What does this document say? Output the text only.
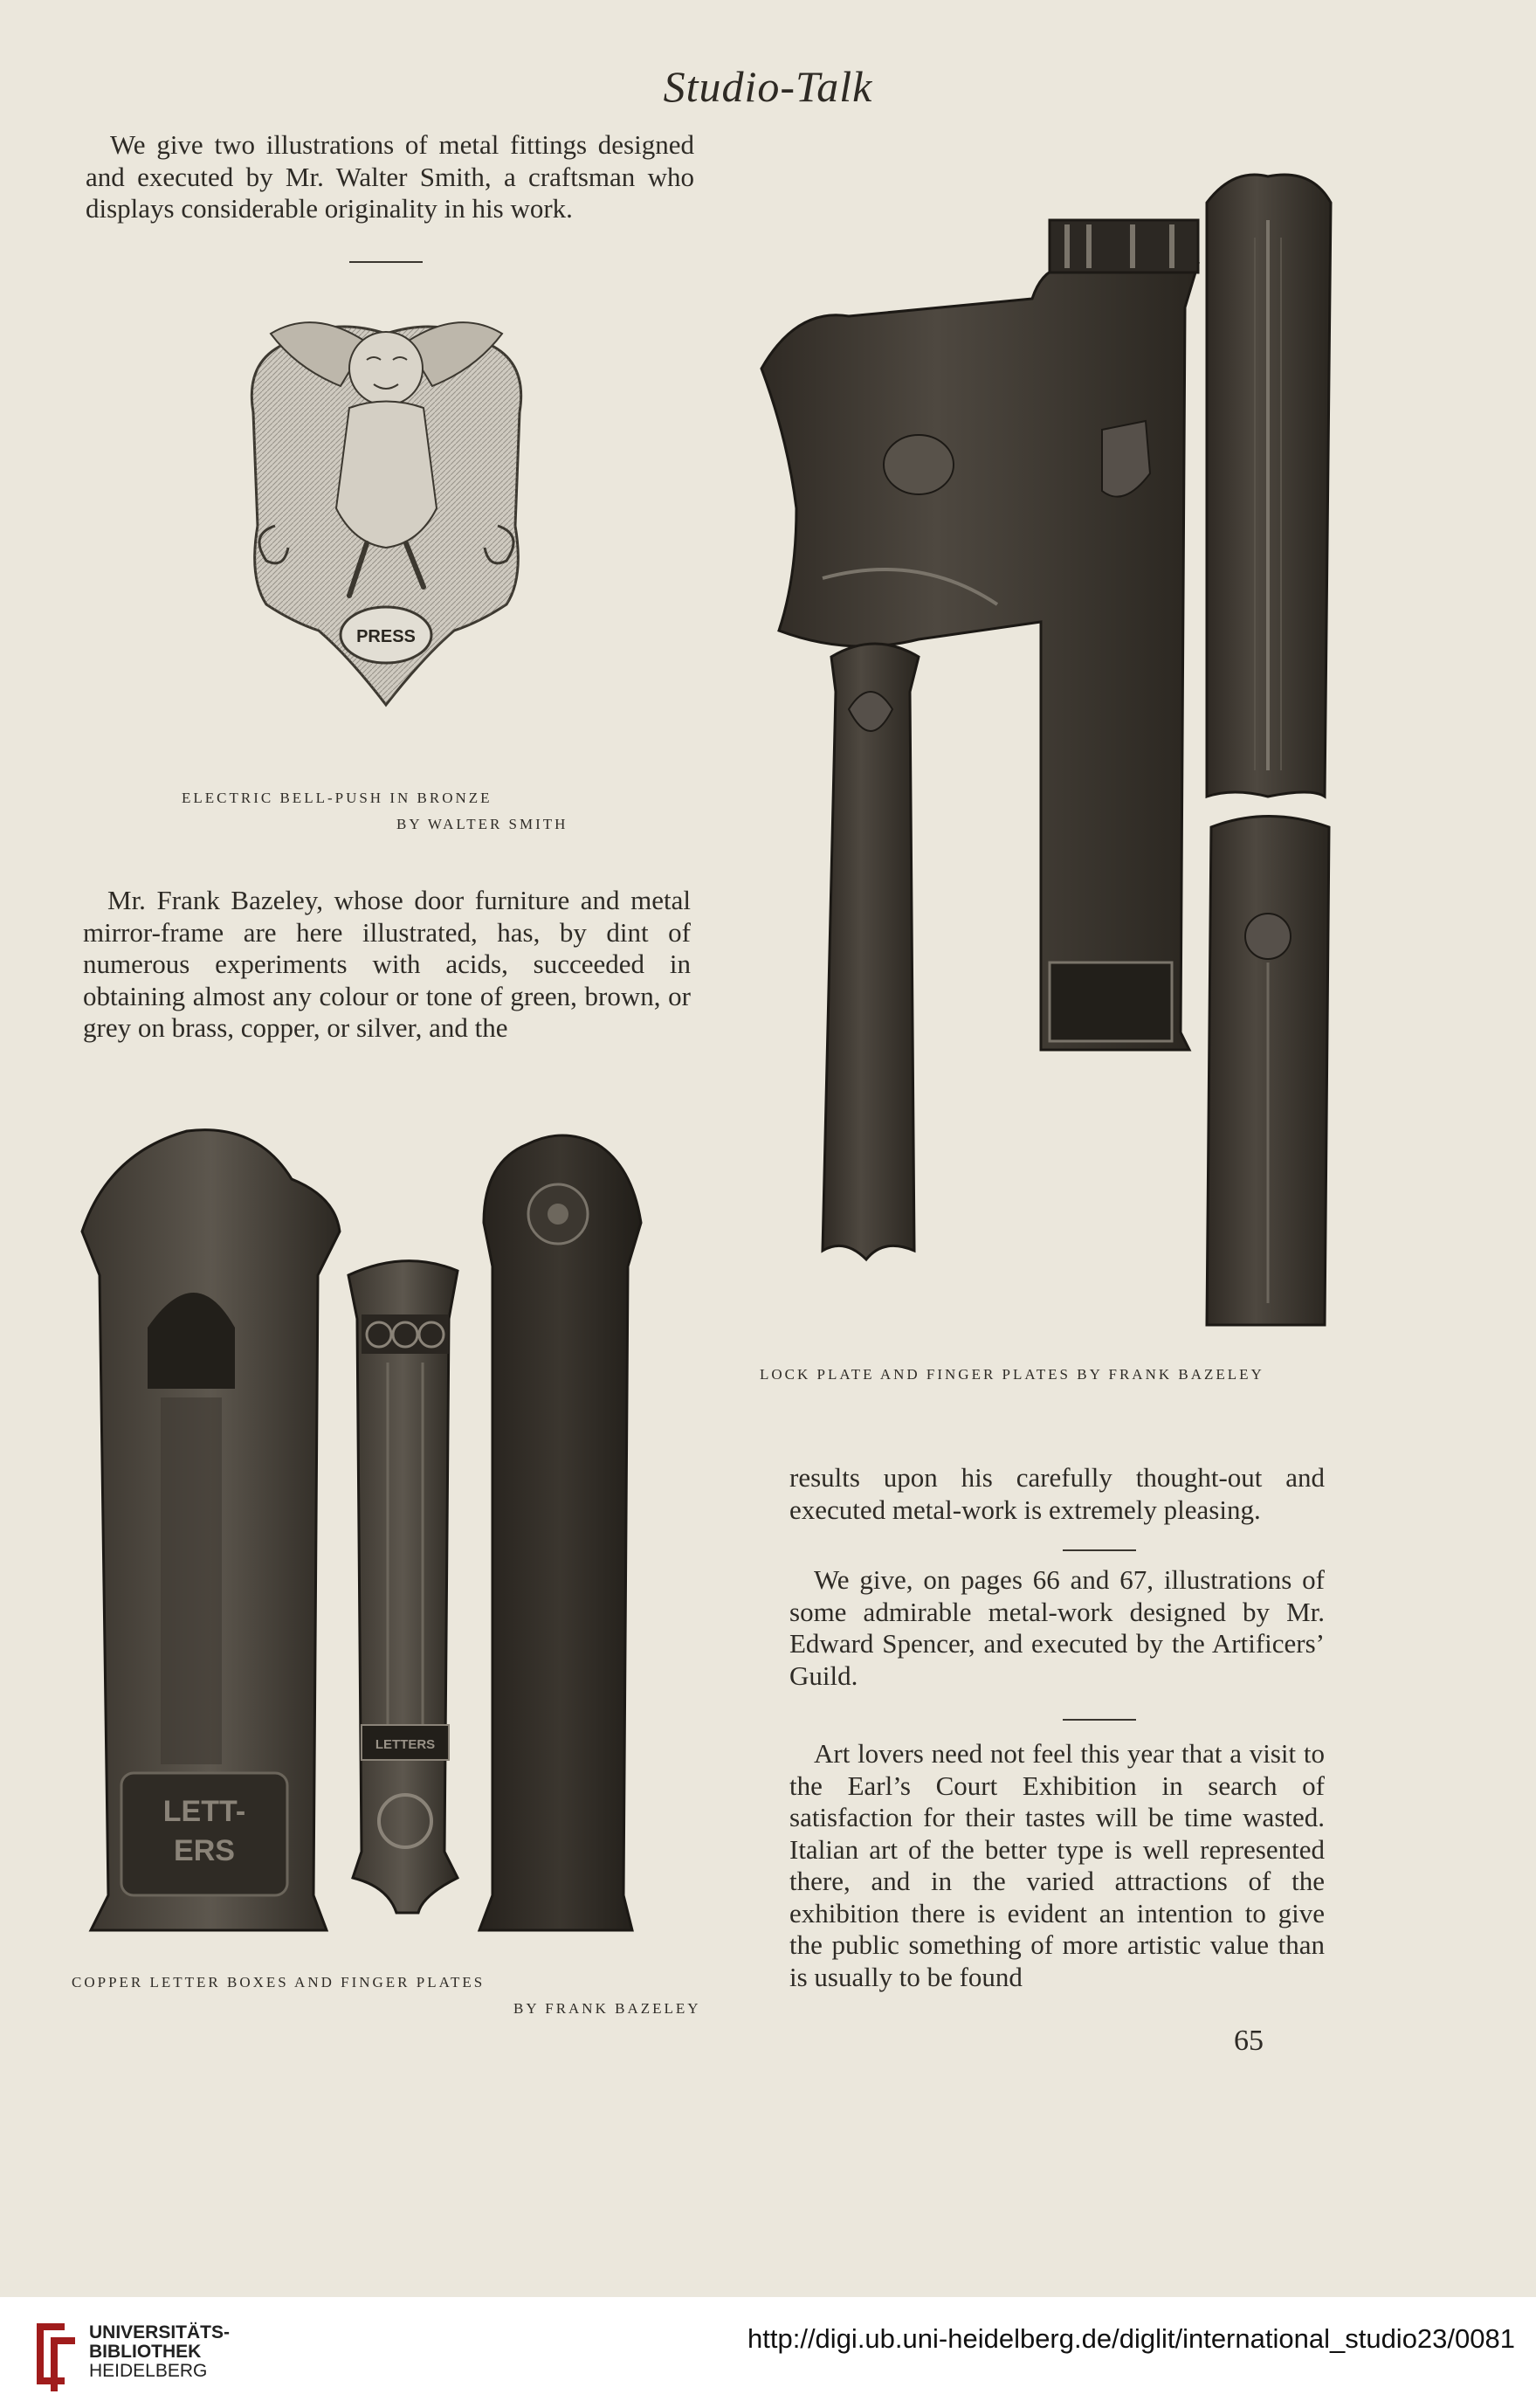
Studio-Talk

We give two illustrations of metal fittings designed and executed by Mr. Walter Smith, a craftsman who displays considerable originality in his work.

PRESS
ELECTRIC BELL-PUSH IN BRONZE
BY WALTER SMITH

Mr. Frank Bazeley, whose door furniture and metal mirror-frame are here illustrated, has, by dint of numerous experiments with acids, succeeded in obtaining almost any colour or tone of green, brown, or grey on brass, copper, or silver, and the

LETT-
ERS
LETTERS
COPPER LETTER BOXES AND FINGER PLATES
BY FRANK BAZELEY
LOCK PLATE AND FINGER PLATES BY FRANK BAZELEY

results upon his carefully thought-out and executed metal-work is extremely pleasing.

We give, on pages 66 and 67, illustrations of some admirable metal-work designed by Mr. Edward Spencer, and executed by the Artificers’ Guild.

Art lovers need not feel this year that a visit to the Earl’s Court Exhibition in search of satisfaction for their tastes will be time wasted. Italian art of the better type is well represented there, and in the varied attractions of the exhibition there is evident an intention to give the public something of more artistic value than is usually to be found

65
UNIVERSITÄTS-
BIBLIOTHEK
HEIDELBERG
http://digi.ub.uni-heidelberg.de/diglit/international_studio23/0081
